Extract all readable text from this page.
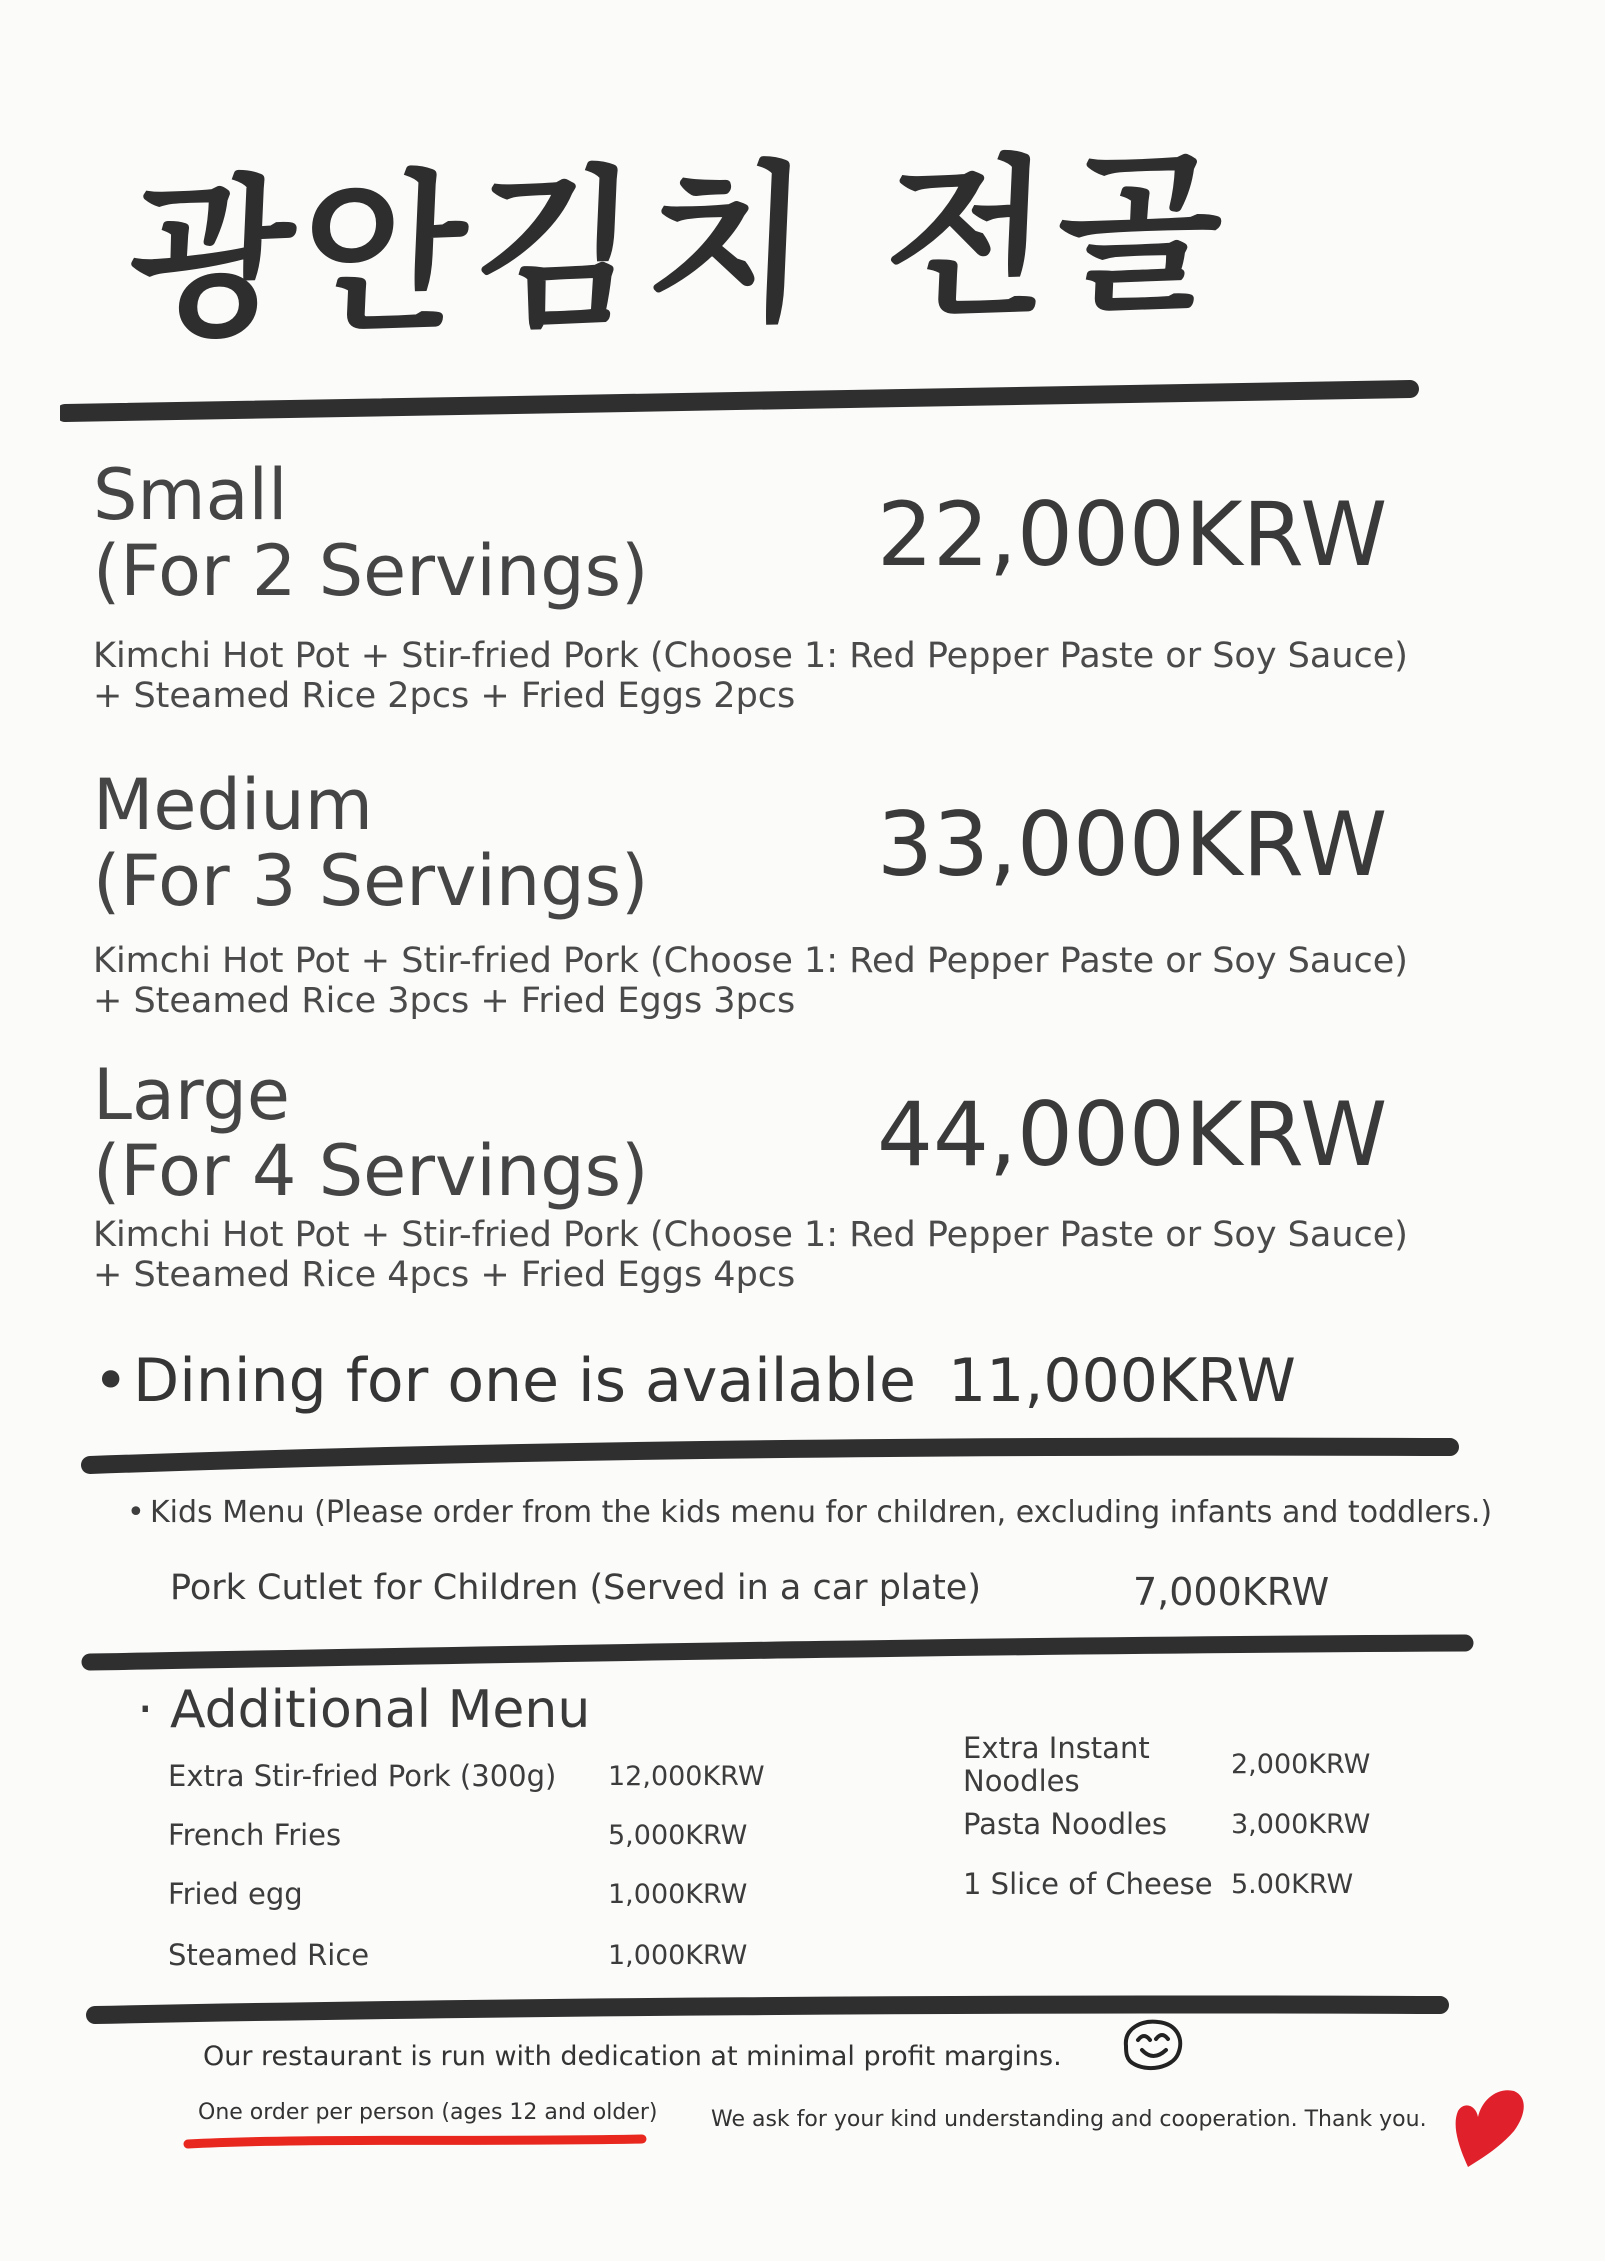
광안김치 전골
Small
(For 2 Servings)	22,000KRW
Kimchi Hot Pot + Stir-fried Pork (Choose 1: Red Pepper Paste or Soy Sauce)
+ Steamed Rice 2pcs + Fried Eggs 2pcs
Medium
(For 3 Servings)	33,000KRW
Kimchi Hot Pot + Stir-fried Pork (Choose 1: Red Pepper Paste or Soy Sauce)
+ Steamed Rice 3pcs + Fried Eggs 3pcs
Large
(For 4 Servings)	44,000KRW
Kimchi Hot Pot + Stir-fried Pork (Choose 1: Red Pepper Paste or Soy Sauce)
+ Steamed Rice 4pcs + Fried Eggs 4pcs
• Dining for one is available 11,000KRW
• Kids Menu (Please order from the kids menu for children, excluding infants and toddlers.)
Pork Cutlet for Children (Served in a car plate)	7,000KRW
· Additional Menu
Extra Stir-fried Pork (300g) 12,000KRW
French Fries	5,000KRW
Fried egg	1,000KRW
Steamed Rice	1,000KRW
Extra Instant
Noodles	2,000KRW
Pasta Noodles 3,000KRW
1 Slice of Cheese 5.00KRW
Our restaurant is run with dedication at minimal profit margins.
One order per person (ages 12 and older) We ask for your kind understanding and cooperation. Thank you.
